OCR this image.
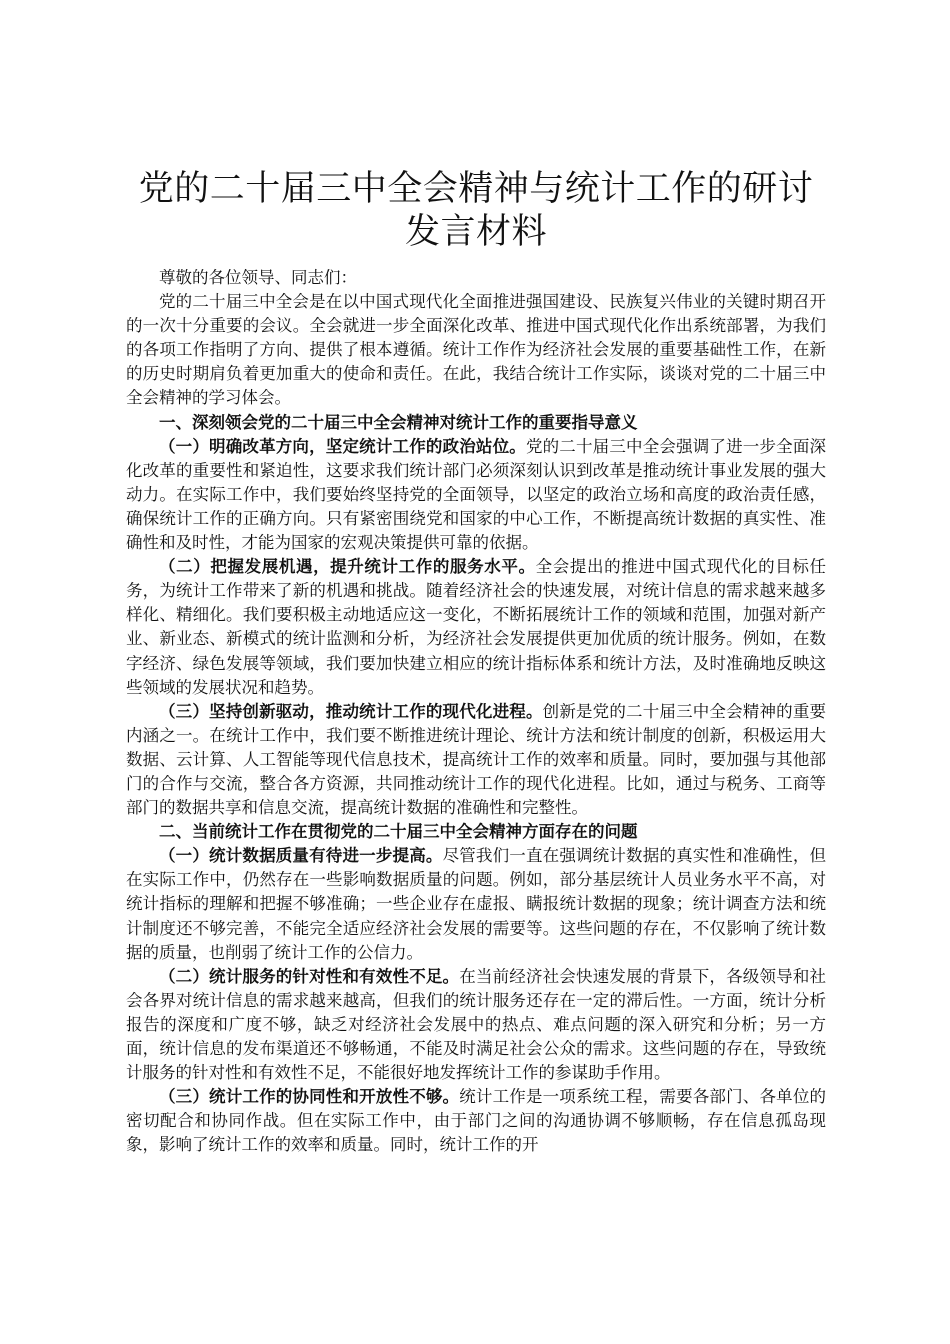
党的二十届三中全会精神与统计工作的研讨发言材料

尊敬的各位领导、同志们：

党的二十届三中全会是在以中国式现代化全面推进强国建设、民族复兴伟业的关键时期召开的一次十分重要的会议。全会就进一步全面深化改革、推进中国式现代化作出系统部署，为我们的各项工作指明了方向、提供了根本遵循。统计工作作为经济社会发展的重要基础性工作，在新的历史时期肩负着更加重大的使命和责任。在此，我结合统计工作实际，谈谈对党的二十届三中全会精神的学习体会。

一、深刻领会党的二十届三中全会精神对统计工作的重要指导意义

（一）明确改革方向，坚定统计工作的政治站位。党的二十届三中全会强调了进一步全面深化改革的重要性和紧迫性，这要求我们统计部门必须深刻认识到改革是推动统计事业发展的强大动力。在实际工作中，我们要始终坚持党的全面领导，以坚定的政治立场和高度的政治责任感，确保统计工作的正确方向。只有紧密围绕党和国家的中心工作，不断提高统计数据的真实性、准确性和及时性，才能为国家的宏观决策提供可靠的依据。

（二）把握发展机遇，提升统计工作的服务水平。全会提出的推进中国式现代化的目标任务，为统计工作带来了新的机遇和挑战。随着经济社会的快速发展，对统计信息的需求越来越多样化、精细化。我们要积极主动地适应这一变化，不断拓展统计工作的领域和范围，加强对新产业、新业态、新模式的统计监测和分析，为经济社会发展提供更加优质的统计服务。例如，在数字经济、绿色发展等领域，我们要加快建立相应的统计指标体系和统计方法，及时准确地反映这些领域的发展状况和趋势。

（三）坚持创新驱动，推动统计工作的现代化进程。创新是党的二十届三中全会精神的重要内涵之一。在统计工作中，我们要不断推进统计理论、统计方法和统计制度的创新，积极运用大数据、云计算、人工智能等现代信息技术，提高统计工作的效率和质量。同时，要加强与其他部门的合作与交流，整合各方资源，共同推动统计工作的现代化进程。比如，通过与税务、工商等部门的数据共享和信息交流，提高统计数据的准确性和完整性。

二、当前统计工作在贯彻党的二十届三中全会精神方面存在的问题

（一）统计数据质量有待进一步提高。尽管我们一直在强调统计数据的真实性和准确性，但在实际工作中，仍然存在一些影响数据质量的问题。例如，部分基层统计人员业务水平不高，对统计指标的理解和把握不够准确；一些企业存在虚报、瞒报统计数据的现象；统计调查方法和统计制度还不够完善，不能完全适应经济社会发展的需要等。这些问题的存在，不仅影响了统计数据的质量，也削弱了统计工作的公信力。

（二）统计服务的针对性和有效性不足。在当前经济社会快速发展的背景下，各级领导和社会各界对统计信息的需求越来越高，但我们的统计服务还存在一定的滞后性。一方面，统计分析报告的深度和广度不够，缺乏对经济社会发展中的热点、难点问题的深入研究和分析；另一方面，统计信息的发布渠道还不够畅通，不能及时满足社会公众的需求。这些问题的存在，导致统计服务的针对性和有效性不足，不能很好地发挥统计工作的参谋助手作用。

（三）统计工作的协同性和开放性不够。统计工作是一项系统工程，需要各部门、各单位的密切配合和协同作战。但在实际工作中，由于部门之间的沟通协调不够顺畅，存在信息孤岛现象，影响了统计工作的效率和质量。同时，统计工作的开
